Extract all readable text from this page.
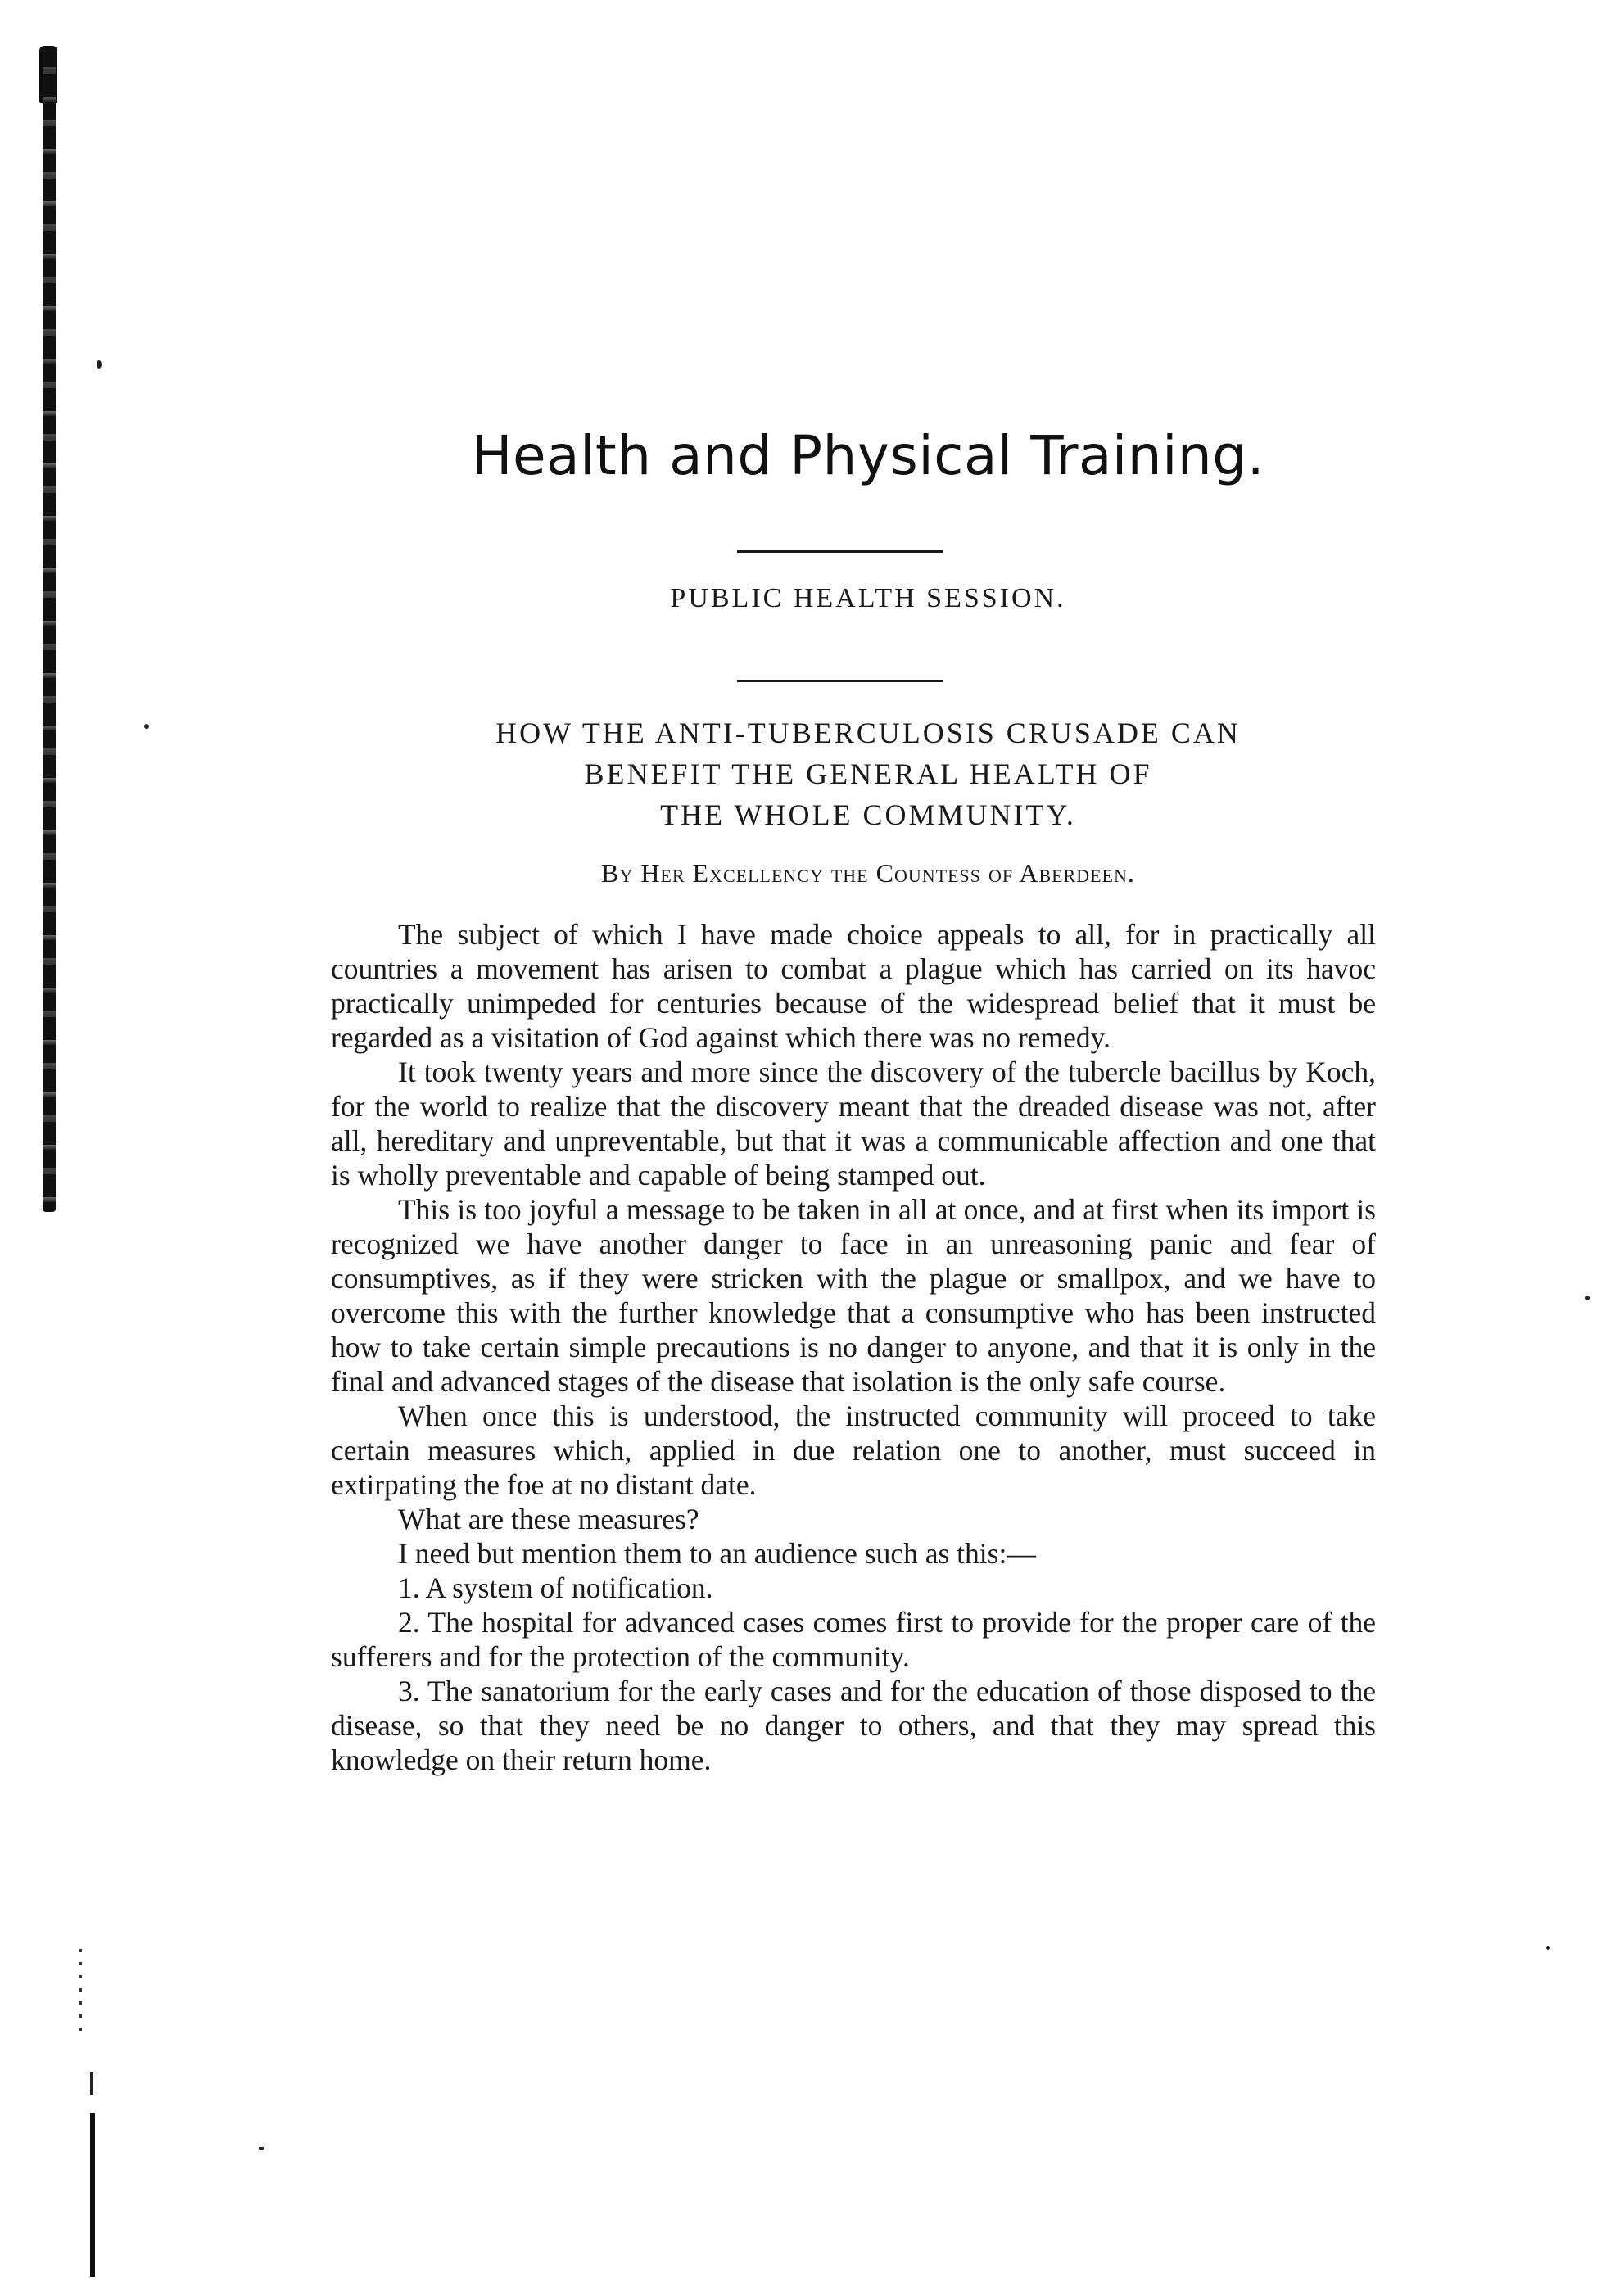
Health and Physical Training.
PUBLIC HEALTH SESSION.
HOW THE ANTI-TUBERCULOSIS CRUSADE CAN
BENEFIT THE GENERAL HEALTH OF
THE WHOLE COMMUNITY.
By Her Excellency the Countess of Aberdeen.

The subject of which I have made choice appeals to all, for in practically all countries a movement has arisen to combat a plague which has carried on its havoc practically unimpeded for centuries because of the widespread belief that it must be regarded as a visitation of God against which there was no remedy.

It took twenty years and more since the discovery of the tubercle bacillus by Koch, for the world to realize that the discovery meant that the dreaded disease was not, after all, hereditary and unpreventable, but that it was a communicable affection and one that is wholly preventable and capable of being stamped out.

This is too joyful a message to be taken in all at once, and at first when its import is recognized we have another danger to face in an unreasoning panic and fear of consumptives, as if they were stricken with the plague or smallpox, and we have to overcome this with the further knowledge that a consumptive who has been instructed how to take certain simple precautions is no danger to anyone, and that it is only in the final and advanced stages of the disease that isolation is the only safe course.

When once this is understood, the instructed community will proceed to take certain measures which, applied in due relation one to another, must succeed in extirpating the foe at no distant date.

What are these measures?

I need but mention them to an audience such as this:—

1. A system of notification.

2. The hospital for advanced cases comes first to provide for the proper care of the sufferers and for the protection of the community.

3. The sanatorium for the early cases and for the education of those disposed to the disease, so that they need be no danger to others, and that they may spread this knowledge on their return home.
